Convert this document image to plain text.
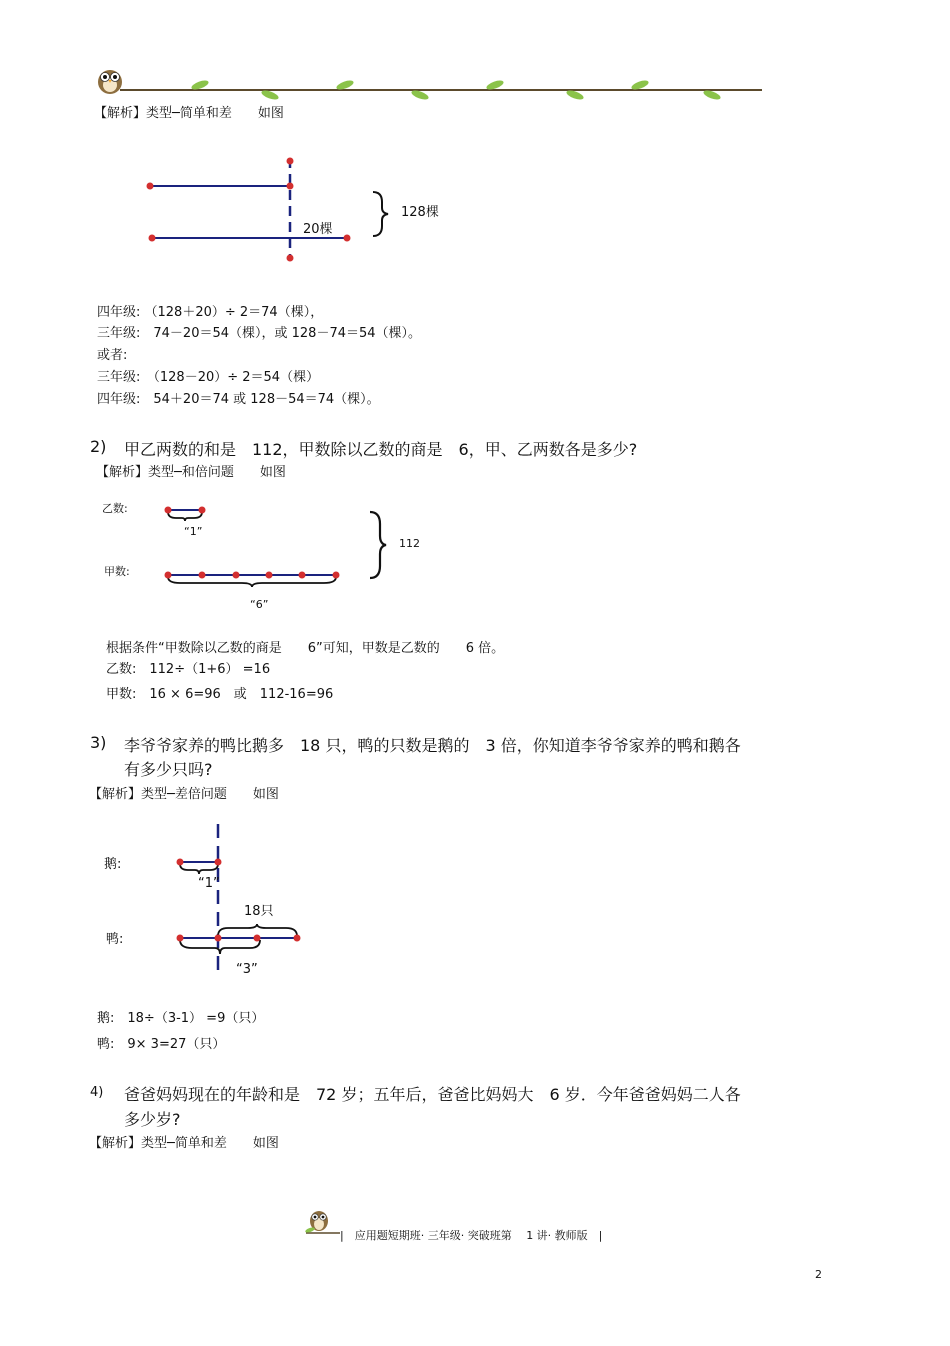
【解析】类型─简单和差　　如图
20棵
128棵
四年级: （128＋20）÷ 2＝74（棵），
三年级:　74－20＝54（棵），或 128－74＝54（棵）。
或者:
三年级:　（128－20）÷ 2＝54（棵）
四年级:　54＋20＝74 或 128－54＝74（棵）。
2) 甲乙两数的和是　112，甲数除以乙数的商是　6，甲、乙两数各是多少?
【解析】类型─和倍问题　　如图
乙数:
甲数:
“1”
“6”
112
根据条件“甲数除以乙数的商是　　6”可知，甲数是乙数的　　6 倍。
乙数:　112÷（1+6） =16
甲数:　16 × 6=96　或　112-16=96
3) 李爷爷家养的鸭比鹅多　18 只，鸭的只数是鹅的　3 倍，你知道李爷爷家养的鸭和鹅各
有多少只吗?
【解析】类型─差倍问题　　如图
鹅:
鸭:
“1”
18只
“3”
鹅:　18÷（3-1） =9（只）
鸭:　9× 3=27（只）
4) 爸爸妈妈现在的年龄和是　72 岁；五年后，爸爸比妈妈大　6 岁．今年爸爸妈妈二人各
多少岁?
【解析】类型─简单和差　　如图
|　应用题短期班· 三年级· 突破班第　 1 讲· 教师版　|
2
